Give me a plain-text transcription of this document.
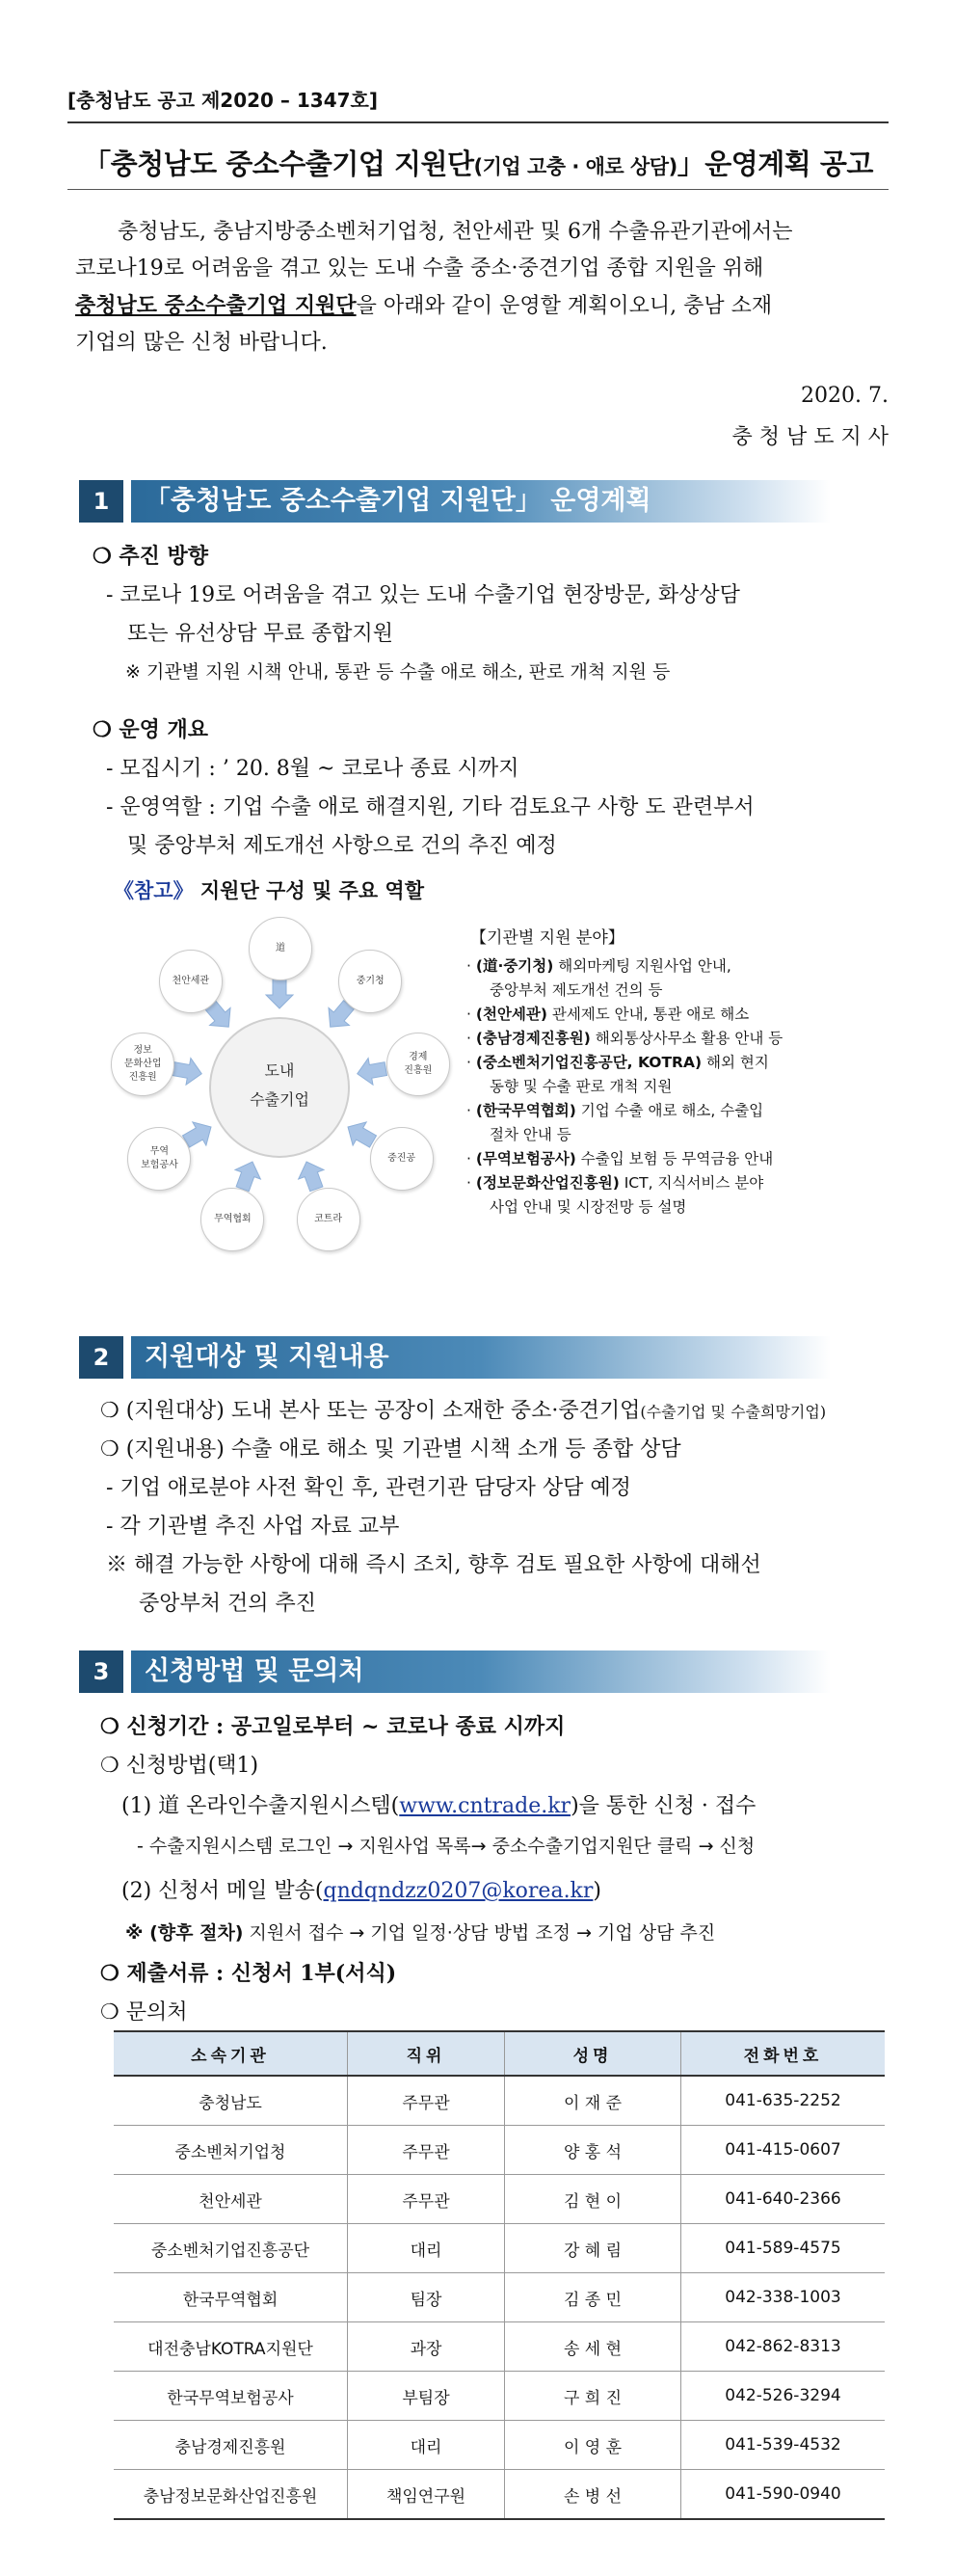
[충청남도 공고 제2020 – 1347호]
「충청남도 중소수출기업 지원단(기업 고충 · 애로 상담)」운영계획 공고
충청남도, 충남지방중소벤처기업청, 천안세관 및 6개 수출유관기관에서는
코로나19로 어려움을 겪고 있는 도내 수출 중소·중견기업 종합 지원을 위해
충청남도 중소수출기업 지원단을 아래와 같이 운영할 계획이오니, 충남 소재
기업의 많은 신청 바랍니다.
2020. 7.
충 청 남 도 지 사
1	「충청남도 중소수출기업 지원단」 운영계획
❍ 추진 방향
- 코로나 19로 어려움을 겪고 있는 도내 수출기업 현장방문, 화상상담
또는 유선상담 무료 종합지원
※ 기관별 지원 시책 안내, 통관 등 수출 애로 해소, 판로 개척 지원 등
❍ 운영 개요
- 모집시기 : ’ 20. 8월 ~ 코로나 종료 시까지
- 운영역할 : 기업 수출 애로 해결지원, 기타 검토요구 사항 도 관련부서
및 중앙부처 제도개선 사항으로 건의 추진 예정
《참고》 지원단 구성 및 주요 역할
도내
수출기업
道
중기청
경제
진흥원
중진공
코트라
무역협회
무역
보험공사
정보
문화산업
진흥원
천안세관
【기관별 지원 분야】
· (道·중기청) 해외마케팅 지원사업 안내,
중앙부처 제도개선 건의 등
· (천안세관) 관세제도 안내, 통관 애로 해소
· (충남경제진흥원) 해외통상사무소 활용 안내 등
· (중소벤처기업진흥공단, KOTRA) 해외 현지
동향 및 수출 판로 개척 지원
· (한국무역협회) 기업 수출 애로 해소, 수출입
절차 안내 등
· (무역보험공사) 수출입 보험 등 무역금융 안내
· (정보문화산업진흥원) ICT, 지식서비스 분야
사업 안내 및 시장전망 등 설명
2	지원대상 및 지원내용
❍ (지원대상) 도내 본사 또는 공장이 소재한 중소·중견기업(수출기업 및 수출희망기업)
❍ (지원내용) 수출 애로 해소 및 기관별 시책 소개 등 종합 상담
- 기업 애로분야 사전 확인 후, 관련기관 담당자 상담 예정
- 각 기관별 추진 사업 자료 교부
※ 해결 가능한 사항에 대해 즉시 조치, 향후 검토 필요한 사항에 대해선
중앙부처 건의 추진
3	신청방법 및 문의처
❍ 신청기간 : 공고일로부터 ~ 코로나 종료 시까지
❍ 신청방법(택1)
(1) 道 온라인수출지원시스템(www.cntrade.kr)을 통한 신청 · 접수
- 수출지원시스템 로그인 → 지원사업 목록→ 중소수출기업지원단 클릭 → 신청
(2) 신청서 메일 발송(qndqndzz0207@korea.kr)
※ (향후 절차) 지원서 접수 → 기업 일정·상담 방법 조정 → 기업 상담 추진
❍ 제출서류 : 신청서 1부(서식)
❍ 문의처
소속기관	직위	성명	전화번호
충청남도	주무관	이 재 준	041-635-2252
중소벤처기업청	주무관	양 홍 석	041-415-0607
천안세관	주무관	김 현 이	041-640-2366
중소벤처기업진흥공단	대리	강 혜 림	041-589-4575
한국무역협회	팀장	김 종 민	042-338-1003
대전충남KOTRA지원단	과장	송 세 현	042-862-8313
한국무역보험공사	부팀장	구 희 진	042-526-3294
충남경제진흥원	대리	이 영 훈	041-539-4532
충남정보문화산업진흥원	책임연구원	손 병 선	041-590-0940
